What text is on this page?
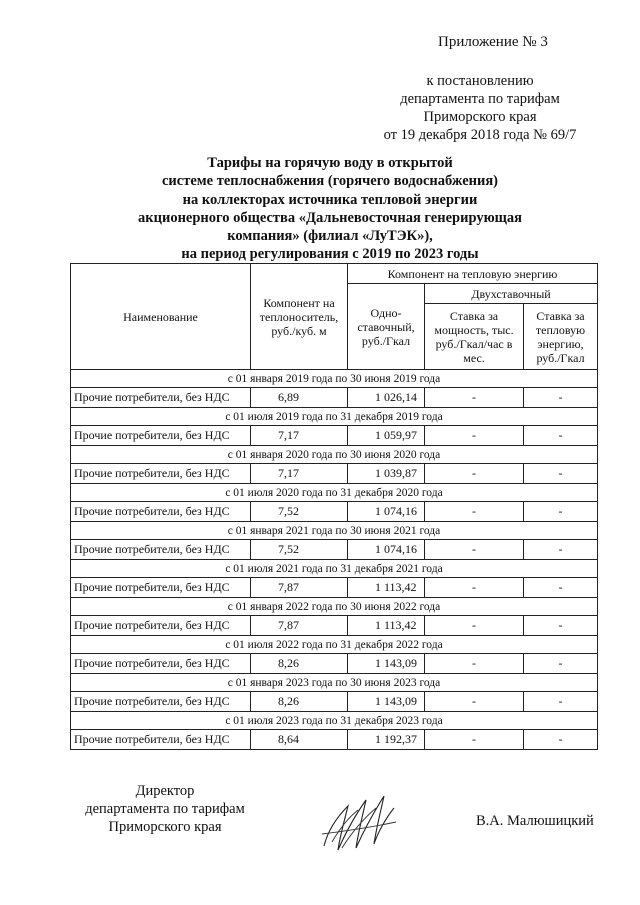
Приложение № 3
к постановлению
департамента по тарифам
Приморского края
от 19 декабря 2018 года № 69/7
Тарифы на горячую воду в открытой
системе теплоснабжения (горячего водоснабжения)
на коллекторах источника тепловой энергии
акционерного общества «Дальневосточная генерирующая
компания» (филиал «ЛуТЭК»),
на период регулирования с 2019 по 2023 годы
Наименование	Компонент на теплоноситель, руб./куб. м	Компонент на тепловую энергию		
		Одно-ставочный, руб./Гкал	Двухставочный	
			Ставка за мощность, тыс. руб./Гкал/час в мес.	Ставка за тепловую энергию, руб./Гкал
с 01 января 2019 года по 30 июня 2019 года				
Прочие потребители, без НДС	6,89	1 026,14	-	-
с 01 июля 2019 года по 31 декабря 2019 года				
Прочие потребители, без НДС	7,17	1 059,97	-	-
с 01 января 2020 года по 30 июня 2020 года				
Прочие потребители, без НДС	7,17	1 039,87	-	-
с 01 июля 2020 года по 31 декабря 2020 года				
Прочие потребители, без НДС	7,52	1 074,16	-	-
с 01 января 2021 года по 30 июня 2021 года				
Прочие потребители, без НДС	7,52	1 074,16	-	-
с 01 июля 2021 года по 31 декабря 2021 года				
Прочие потребители, без НДС	7,87	1 113,42	-	-
с 01 января 2022 года по 30 июня 2022 года				
Прочие потребители, без НДС	7,87	1 113,42	-	-
с 01 июля 2022 года по 31 декабря 2022 года				
Прочие потребители, без НДС	8,26	1 143,09	-	-
с 01 января 2023 года по 30 июня 2023 года				
Прочие потребители, без НДС	8,26	1 143,09	-	-
с 01 июля 2023 года по 31 декабря 2023 года				
Прочие потребители, без НДС	8,64	1 192,37	-	-
Директор
департамента по тарифам
Приморского края	В.А. Малюшицкий
